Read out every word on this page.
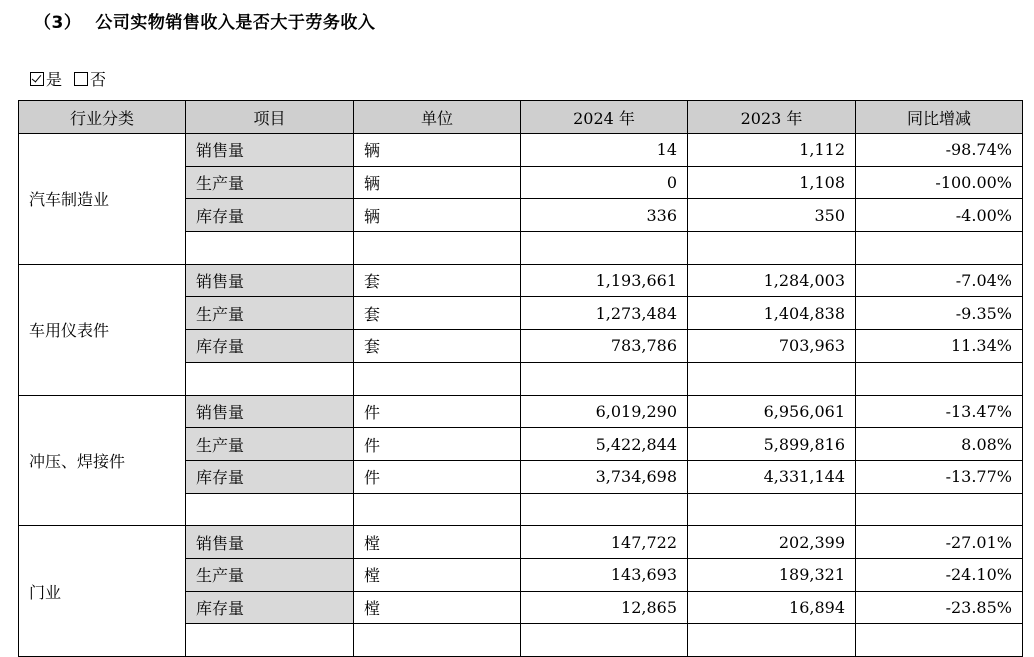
（3） 公司实物销售收入是否大于劳务收入
是 否
行业分类	项目	单位	2024 年	2023 年	同比增减
汽车制造业	销售量	辆	14	1,112	-98.74%
	生产量	辆	0	1,108	-100.00%
	库存量	辆	336	350	-4.00%

车用仪表件	销售量	套	1,193,661	1,284,003	-7.04%
	生产量	套	1,273,484	1,404,838	-9.35%
	库存量	套	783,786	703,963	11.34%

冲压、焊接件	销售量	件	6,019,290	6,956,061	-13.47%
	生产量	件	5,422,844	5,899,816	8.08%
	库存量	件	3,734,698	4,331,144	-13.77%

门业	销售量	樘	147,722	202,399	-27.01%
	生产量	樘	143,693	189,321	-24.10%
	库存量	樘	12,865	16,894	-23.85%
